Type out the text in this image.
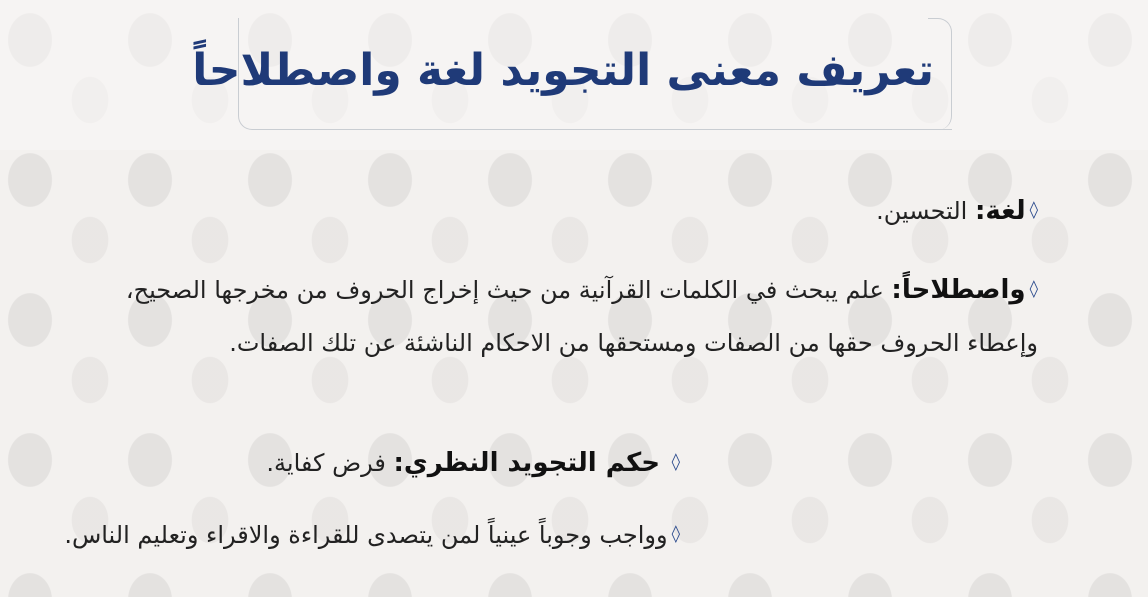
تعريف معنى التجويد لغة واصطلاحاً
◊لغة: التحسين.
◊واصطلاحاً: علم يبحث في الكلمات القرآنية من حيث إخراج الحروف من مخرجها الصحيح، وإعطاء الحروف حقها من الصفات ومستحقها من الاحكام الناشئة عن تلك الصفات.
◊ حكم التجويد النظري: فرض كفاية.
◊وواجب وجوباً عينياً لمن يتصدى للقراءة والاقراء وتعليم الناس.
